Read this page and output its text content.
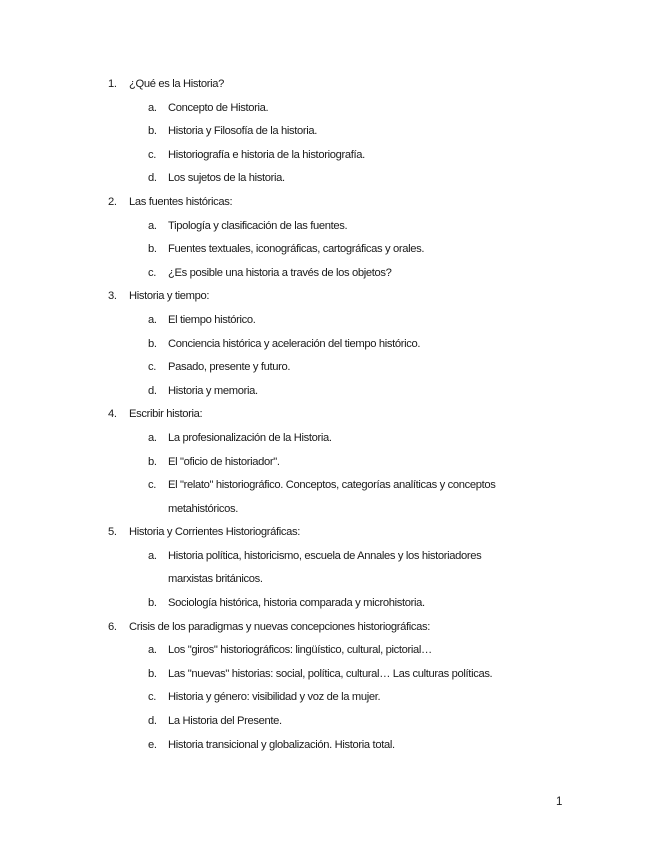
1. ¿Qué es la Historia?
a. Concepto de Historia.
b. Historia y Filosofía de la historia.
c. Historiografía e historia de la historiografía.
d. Los sujetos de la historia.
2. Las fuentes históricas:
a. Tipología y clasificación de las fuentes.
b. Fuentes textuales, iconográficas, cartográficas y orales.
c. ¿Es posible una historia a través de los objetos?
3. Historia y tiempo:
a. El tiempo histórico.
b. Conciencia histórica y aceleración del tiempo histórico.
c. Pasado, presente y futuro.
d. Historia y memoria.
4. Escribir historia:
a. La profesionalización de la Historia.
b. El "oficio de historiador".
c. El "relato" historiográfico. Conceptos, categorías analíticas y conceptos
metahistóricos.
5. Historia y Corrientes Historiográficas:
a. Historia política, historicismo, escuela de Annales y los historiadores
marxistas británicos.
b. Sociología histórica, historia comparada y microhistoria.
6. Crisis de los paradigmas y nuevas concepciones historiográficas:
a. Los "giros" historiográficos: lingüístico, cultural, pictorial…
b. Las "nuevas" historias: social, política, cultural… Las culturas políticas.
c. Historia y género: visibilidad y voz de la mujer.
d. La Historia del Presente.
e. Historia transicional y globalización. Historia total.
1
